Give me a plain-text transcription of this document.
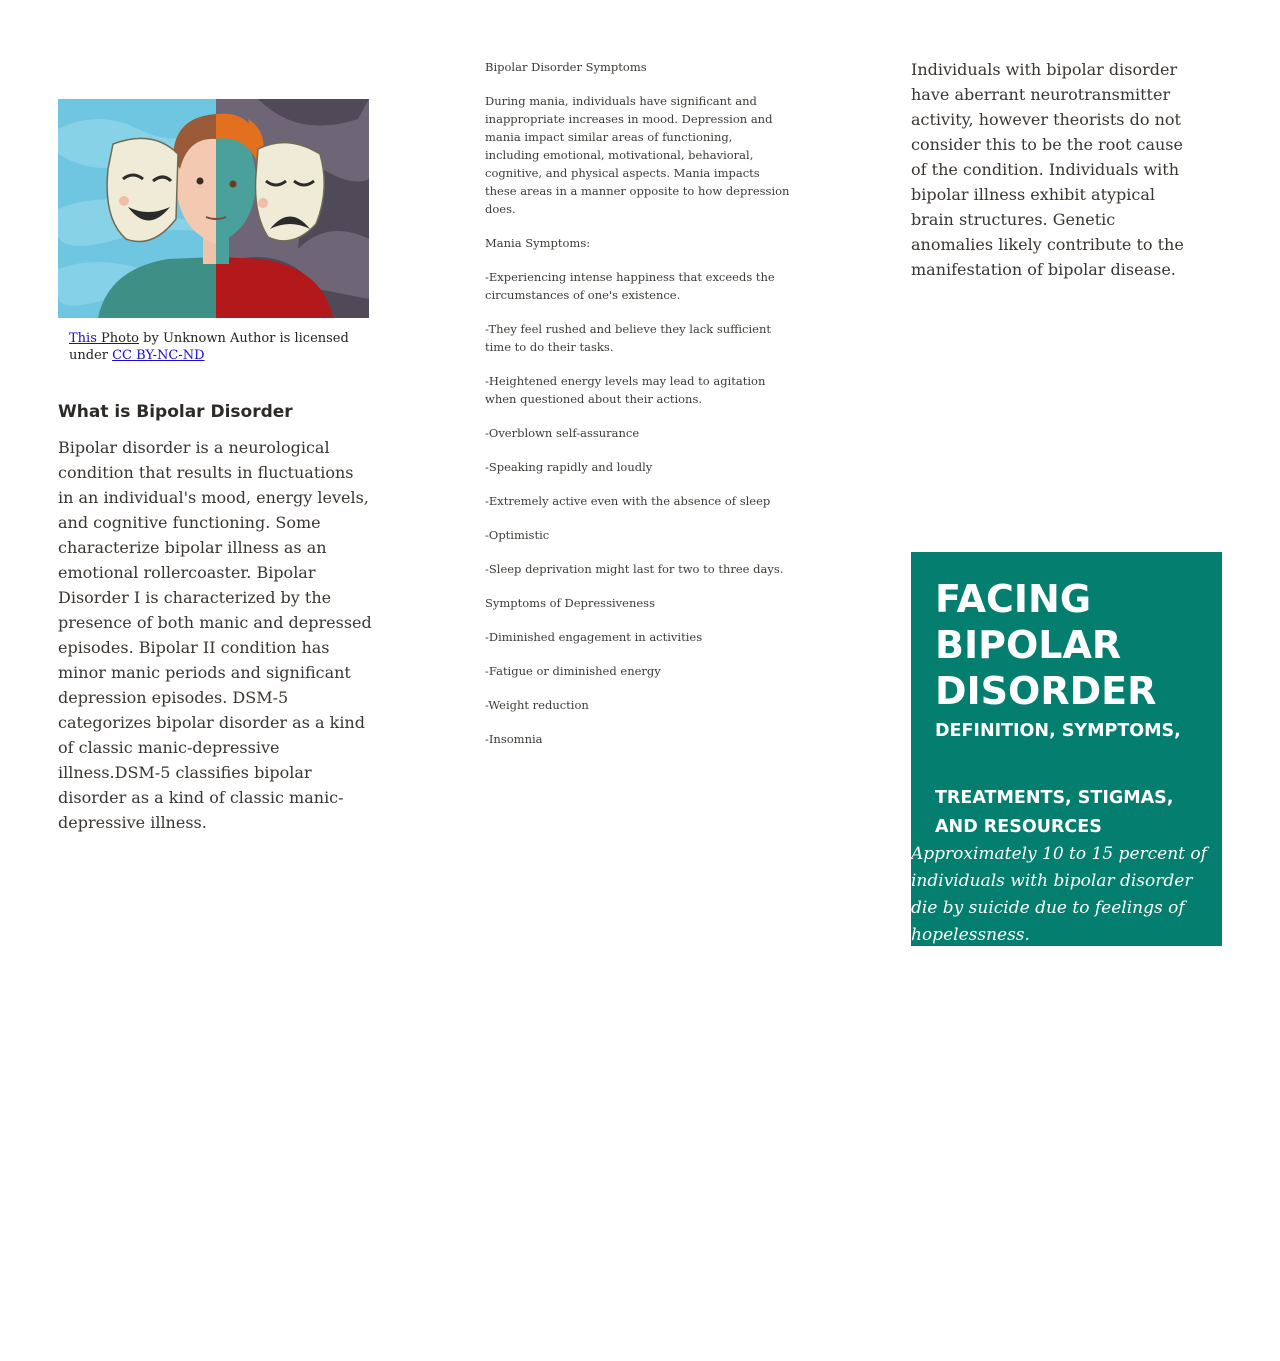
This Photo by Unknown Author is licensed under CC BY-NC-ND
What is Bipolar Disorder

Bipolar disorder is a neurological condition that results in fluctuations in an individual's mood, energy levels, and cognitive functioning. Some characterize bipolar illness as an emotional rollercoaster. Bipolar Disorder I is characterized by the presence of both manic and depressed episodes. Bipolar II condition has minor manic periods and significant depression episodes. DSM-5 categorizes bipolar disorder as a kind of classic manic-depressive illness.DSM-5 classifies bipolar disorder as a kind of classic manic-depressive illness.

Bipolar Disorder Symptoms

During mania, individuals have significant and inappropriate increases in mood. Depression and mania impact similar areas of functioning, including emotional, motivational, behavioral, cognitive, and physical aspects. Mania impacts these areas in a manner opposite to how depression does.

Mania Symptoms:

-Experiencing intense happiness that exceeds the circumstances of one's existence.

-They feel rushed and believe they lack sufficient time to do their tasks.

-Heightened energy levels may lead to agitation when questioned about their actions.

-Overblown self-assurance

-Speaking rapidly and loudly

-Extremely active even with the absence of sleep

-Optimistic

-Sleep deprivation might last for two to three days.

Symptoms of Depressiveness

-Diminished engagement in activities

-Fatigue or diminished energy

-Weight reduction

-Insomnia

Individuals with bipolar disorder have aberrant neurotransmitter activity, however theorists do not consider this to be the root cause of the condition. Individuals with bipolar illness exhibit atypical brain structures. Genetic anomalies likely contribute to the manifestation of bipolar disease.

FACING BIPOLAR DISORDER
DEFINITION, SYMPTOMS,
TREATMENTS, STIGMAS, AND RESOURCES
Approximately 10 to 15 percent of individuals with bipolar disorder die by suicide due to feelings of hopelessness.
